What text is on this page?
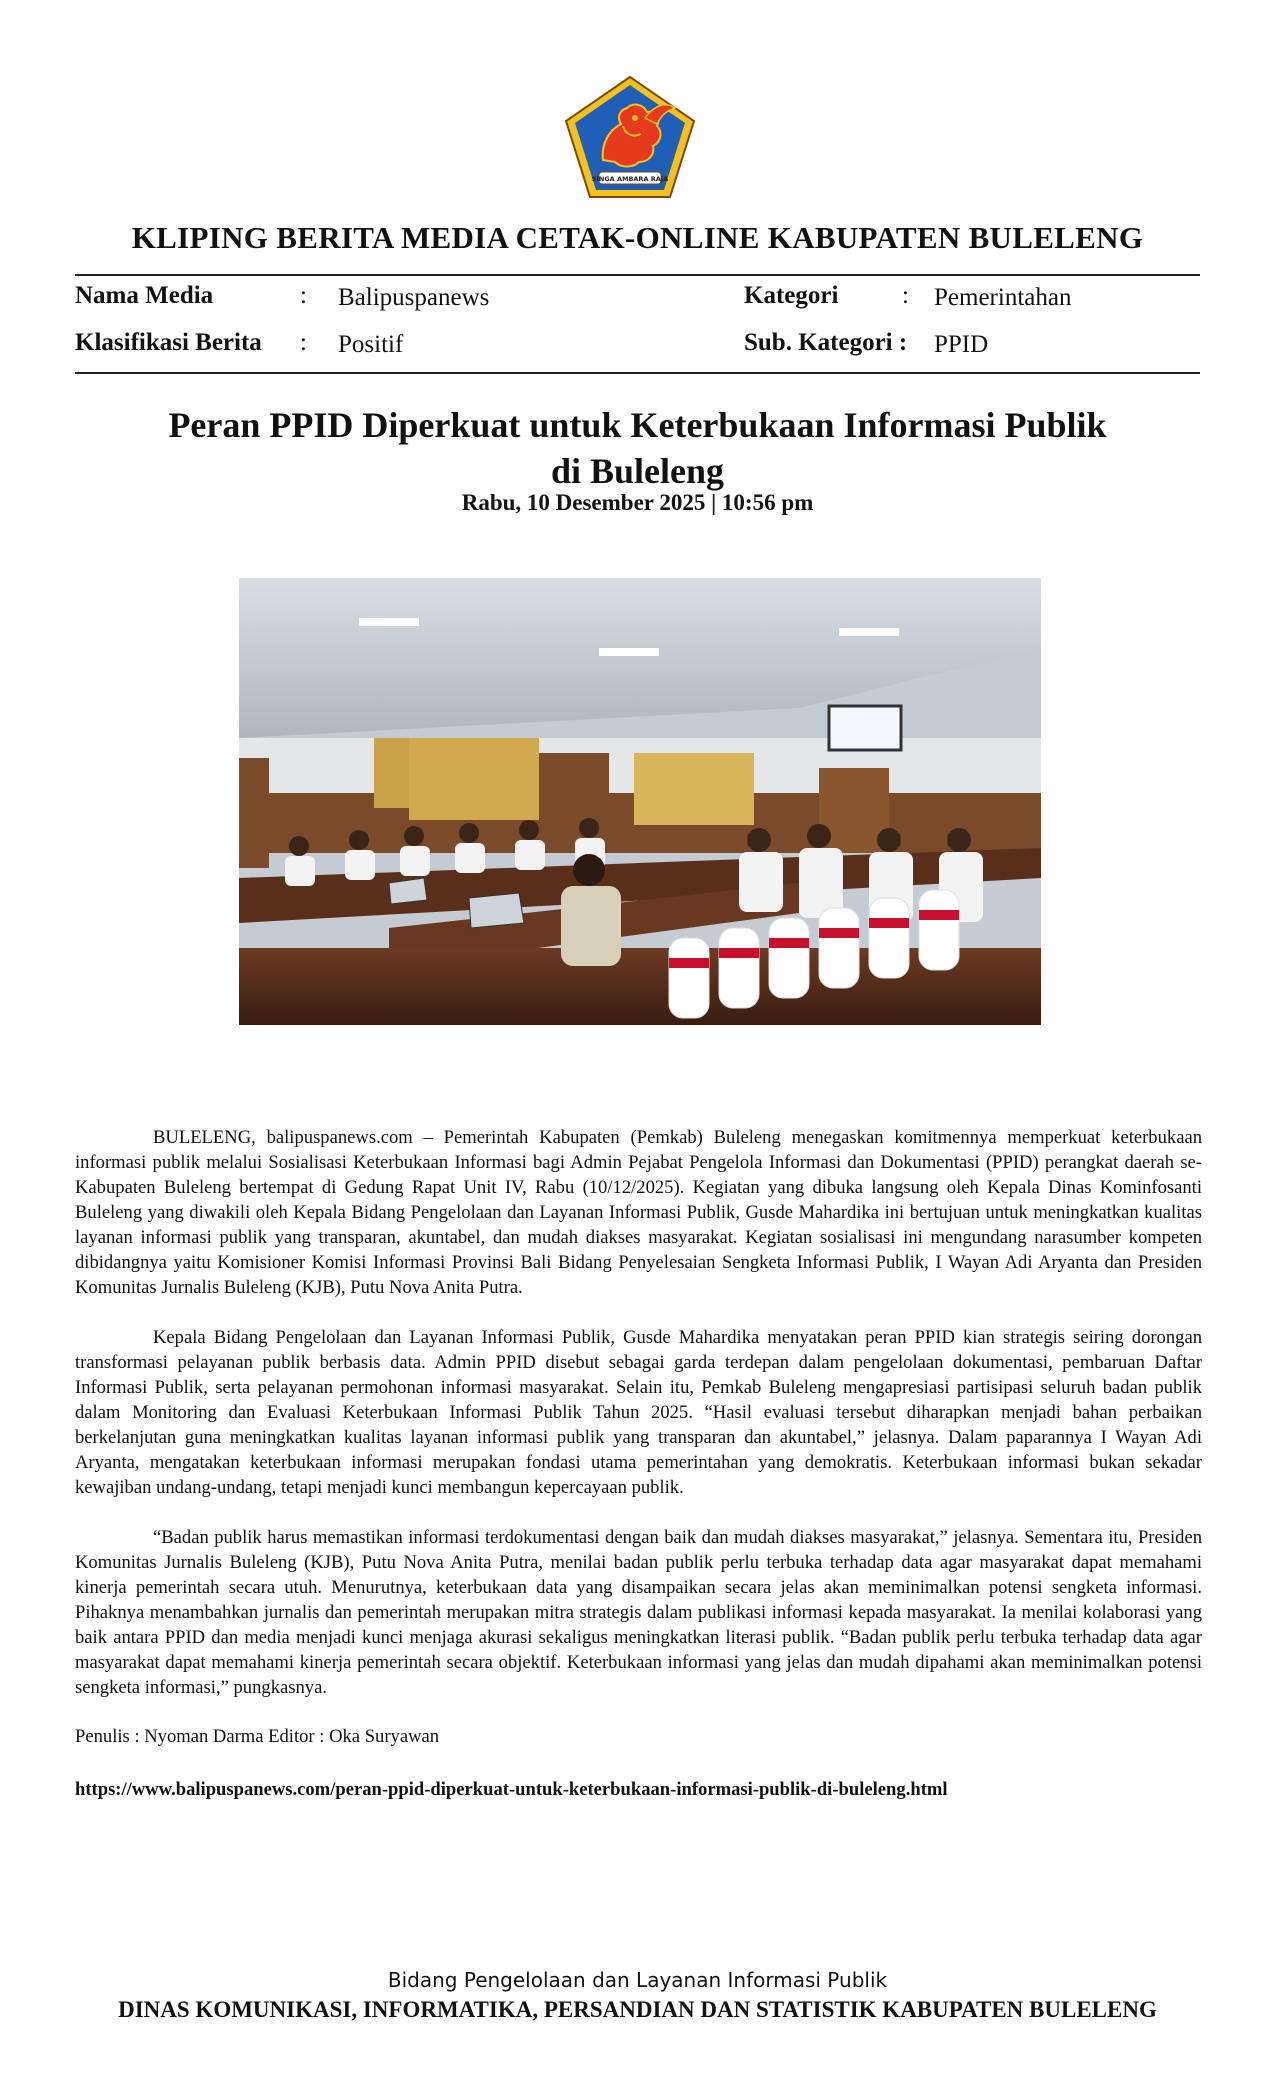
SINGA AMBARA RAJA
KLIPING BERITA MEDIA CETAK-ONLINE KABUPATEN BULELENG
Nama Media	: Balipuspanews	Kategori	: Pemerintahan
Klasifikasi Berita : Positif	Sub. Kategori : PPID
Peran PPID Diperkuat untuk Keterbukaan Informasi Publik
di Buleleng
Rabu, 10 Desember 2025 | 10:56 pm

BULELENG, balipuspanews.com – Pemerintah Kabupaten (Pemkab) Buleleng menegaskan komitmennya memperkuat keterbukaan informasi publik melalui Sosialisasi Keterbukaan Informasi bagi Admin Pejabat Pengelola Informasi dan Dokumentasi (PPID) perangkat daerah se-Kabupaten Buleleng bertempat di Gedung Rapat Unit IV, Rabu (10/12/2025). Kegiatan yang dibuka langsung oleh Kepala Dinas Kominfosanti Buleleng yang diwakili oleh Kepala Bidang Pengelolaan dan Layanan Informasi Publik, Gusde Mahardika ini bertujuan untuk meningkatkan kualitas layanan informasi publik yang transparan, akuntabel, dan mudah diakses masyarakat. Kegiatan sosialisasi ini mengundang narasumber kompeten dibidangnya yaitu Komisioner Komisi Informasi Provinsi Bali Bidang Penyelesaian Sengketa Informasi Publik, I Wayan Adi Aryanta dan Presiden Komunitas Jurnalis Buleleng (KJB), Putu Nova Anita Putra.

Kepala Bidang Pengelolaan dan Layanan Informasi Publik, Gusde Mahardika menyatakan peran PPID kian strategis seiring dorongan transformasi pelayanan publik berbasis data. Admin PPID disebut sebagai garda terdepan dalam pengelolaan dokumentasi, pembaruan Daftar Informasi Publik, serta pelayanan permohonan informasi masyarakat. Selain itu, Pemkab Buleleng mengapresiasi partisipasi seluruh badan publik dalam Monitoring dan Evaluasi Keterbukaan Informasi Publik Tahun 2025. “Hasil evaluasi tersebut diharapkan menjadi bahan perbaikan berkelanjutan guna meningkatkan kualitas layanan informasi publik yang transparan dan akuntabel,” jelasnya. Dalam paparannya I Wayan Adi Aryanta, mengatakan keterbukaan informasi merupakan fondasi utama pemerintahan yang demokratis. Keterbukaan informasi bukan sekadar kewajiban undang-undang, tetapi menjadi kunci membangun kepercayaan publik.

“Badan publik harus memastikan informasi terdokumentasi dengan baik dan mudah diakses masyarakat,” jelasnya. Sementara itu, Presiden Komunitas Jurnalis Buleleng (KJB), Putu Nova Anita Putra, menilai badan publik perlu terbuka terhadap data agar masyarakat dapat memahami kinerja pemerintah secara utuh. Menurutnya, keterbukaan data yang disampaikan secara jelas akan meminimalkan potensi sengketa informasi. Pihaknya menambahkan jurnalis dan pemerintah merupakan mitra strategis dalam publikasi informasi kepada masyarakat. Ia menilai kolaborasi yang baik antara PPID dan media menjadi kunci menjaga akurasi sekaligus meningkatkan literasi publik. “Badan publik perlu terbuka terhadap data agar masyarakat dapat memahami kinerja pemerintah secara objektif. Keterbukaan informasi yang jelas dan mudah dipahami akan meminimalkan potensi sengketa informasi,” pungkasnya.

Penulis : Nyoman Darma Editor : Oka Suryawan
https://www.balipuspanews.com/peran-ppid-diperkuat-untuk-keterbukaan-informasi-publik-di-buleleng.html
Bidang Pengelolaan dan Layanan Informasi Publik
DINAS KOMUNIKASI, INFORMATIKA, PERSANDIAN DAN STATISTIK KABUPATEN BULELENG
